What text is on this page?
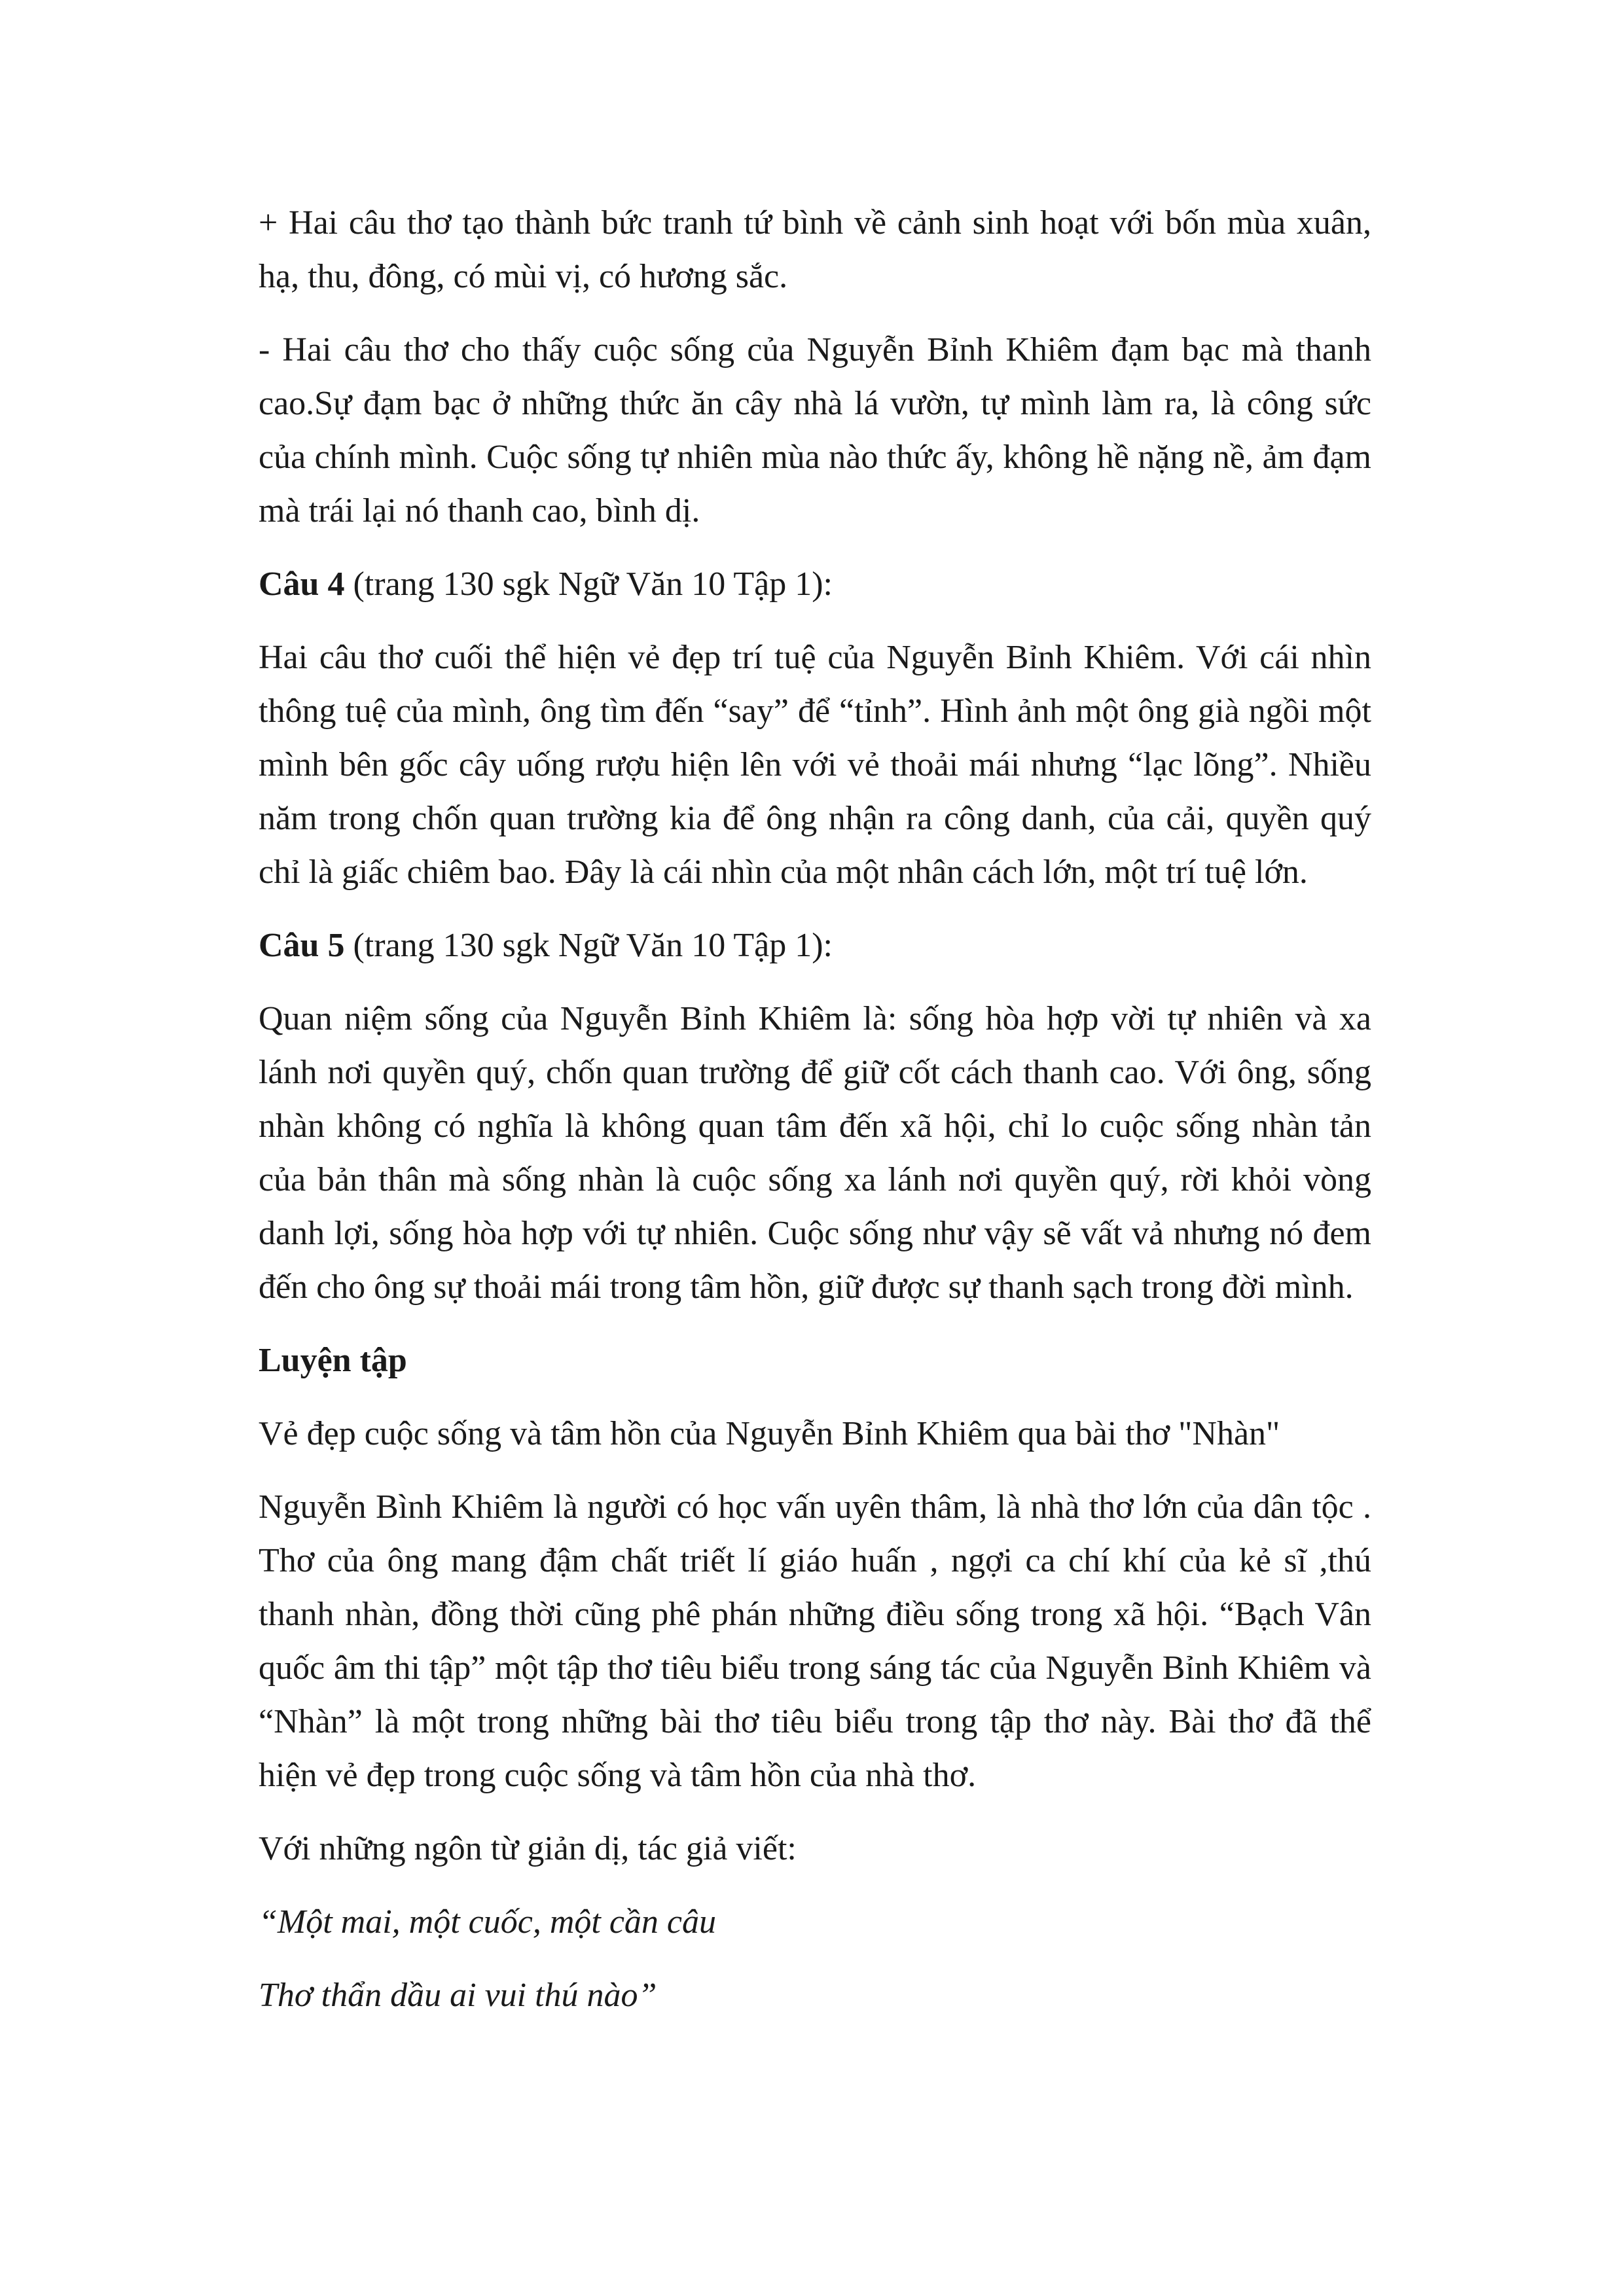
+ Hai câu thơ tạo thành bức tranh tứ bình về cảnh sinh hoạt với bốn mùa xuân, hạ, thu, đông, có mùi vị, có hương sắc.

- Hai câu thơ cho thấy cuộc sống của Nguyễn Bỉnh Khiêm đạm bạc mà thanh cao.Sự đạm bạc ở những thức ăn cây nhà lá vườn, tự mình làm ra, là công sức của chính mình. Cuộc sống tự nhiên mùa nào thức ấy, không hề nặng nề, ảm đạm mà trái lại nó thanh cao, bình dị.

Câu 4 (trang 130 sgk Ngữ Văn 10 Tập 1):

Hai câu thơ cuối thể hiện vẻ đẹp trí tuệ của Nguyễn Bỉnh Khiêm. Với cái nhìn thông tuệ của mình, ông tìm đến “say” để “tỉnh”. Hình ảnh một ông già ngồi một mình bên gốc cây uống rượu hiện lên với vẻ thoải mái nhưng “lạc lõng”. Nhiều năm trong chốn quan trường kia để ông nhận ra công danh, của cải, quyền quý chỉ là giấc chiêm bao. Đây là cái nhìn của một nhân cách lớn, một trí tuệ lớn.

Câu 5 (trang 130 sgk Ngữ Văn 10 Tập 1):

Quan niệm sống của Nguyễn Bỉnh Khiêm là: sống hòa hợp vời tự nhiên và xa lánh nơi quyền quý, chốn quan trường để giữ cốt cách thanh cao. Với ông, sống nhàn không có nghĩa là không quan tâm đến xã hội, chỉ lo cuộc sống nhàn tản của bản thân mà sống nhàn là cuộc sống xa lánh nơi quyền quý, rời khỏi vòng danh lợi, sống hòa hợp với tự nhiên. Cuộc sống như vậy sẽ vất vả nhưng nó đem đến cho ông sự thoải mái trong tâm hồn, giữ được sự thanh sạch trong đời mình.

Luyện tập

Vẻ đẹp cuộc sống và tâm hồn của Nguyễn Bỉnh Khiêm qua bài thơ "Nhàn"

Nguyễn Bình Khiêm là người có học vấn uyên thâm, là nhà thơ lớn của dân tộc . Thơ của ông mang đậm chất triết lí giáo huấn , ngợi ca chí khí của kẻ sĩ ,thú thanh nhàn, đồng thời cũng phê phán những điều sống trong xã hội. “Bạch Vân quốc âm thi tập” một tập thơ tiêu biểu trong sáng tác của Nguyễn Bỉnh Khiêm và “Nhàn” là một trong những bài thơ tiêu biểu trong tập thơ này. Bài thơ đã thể hiện vẻ đẹp trong cuộc sống và tâm hồn của nhà thơ.

Với những ngôn từ giản dị, tác giả viết:

“Một mai, một cuốc, một cần câu

Thơ thẩn dầu ai vui thú nào”
